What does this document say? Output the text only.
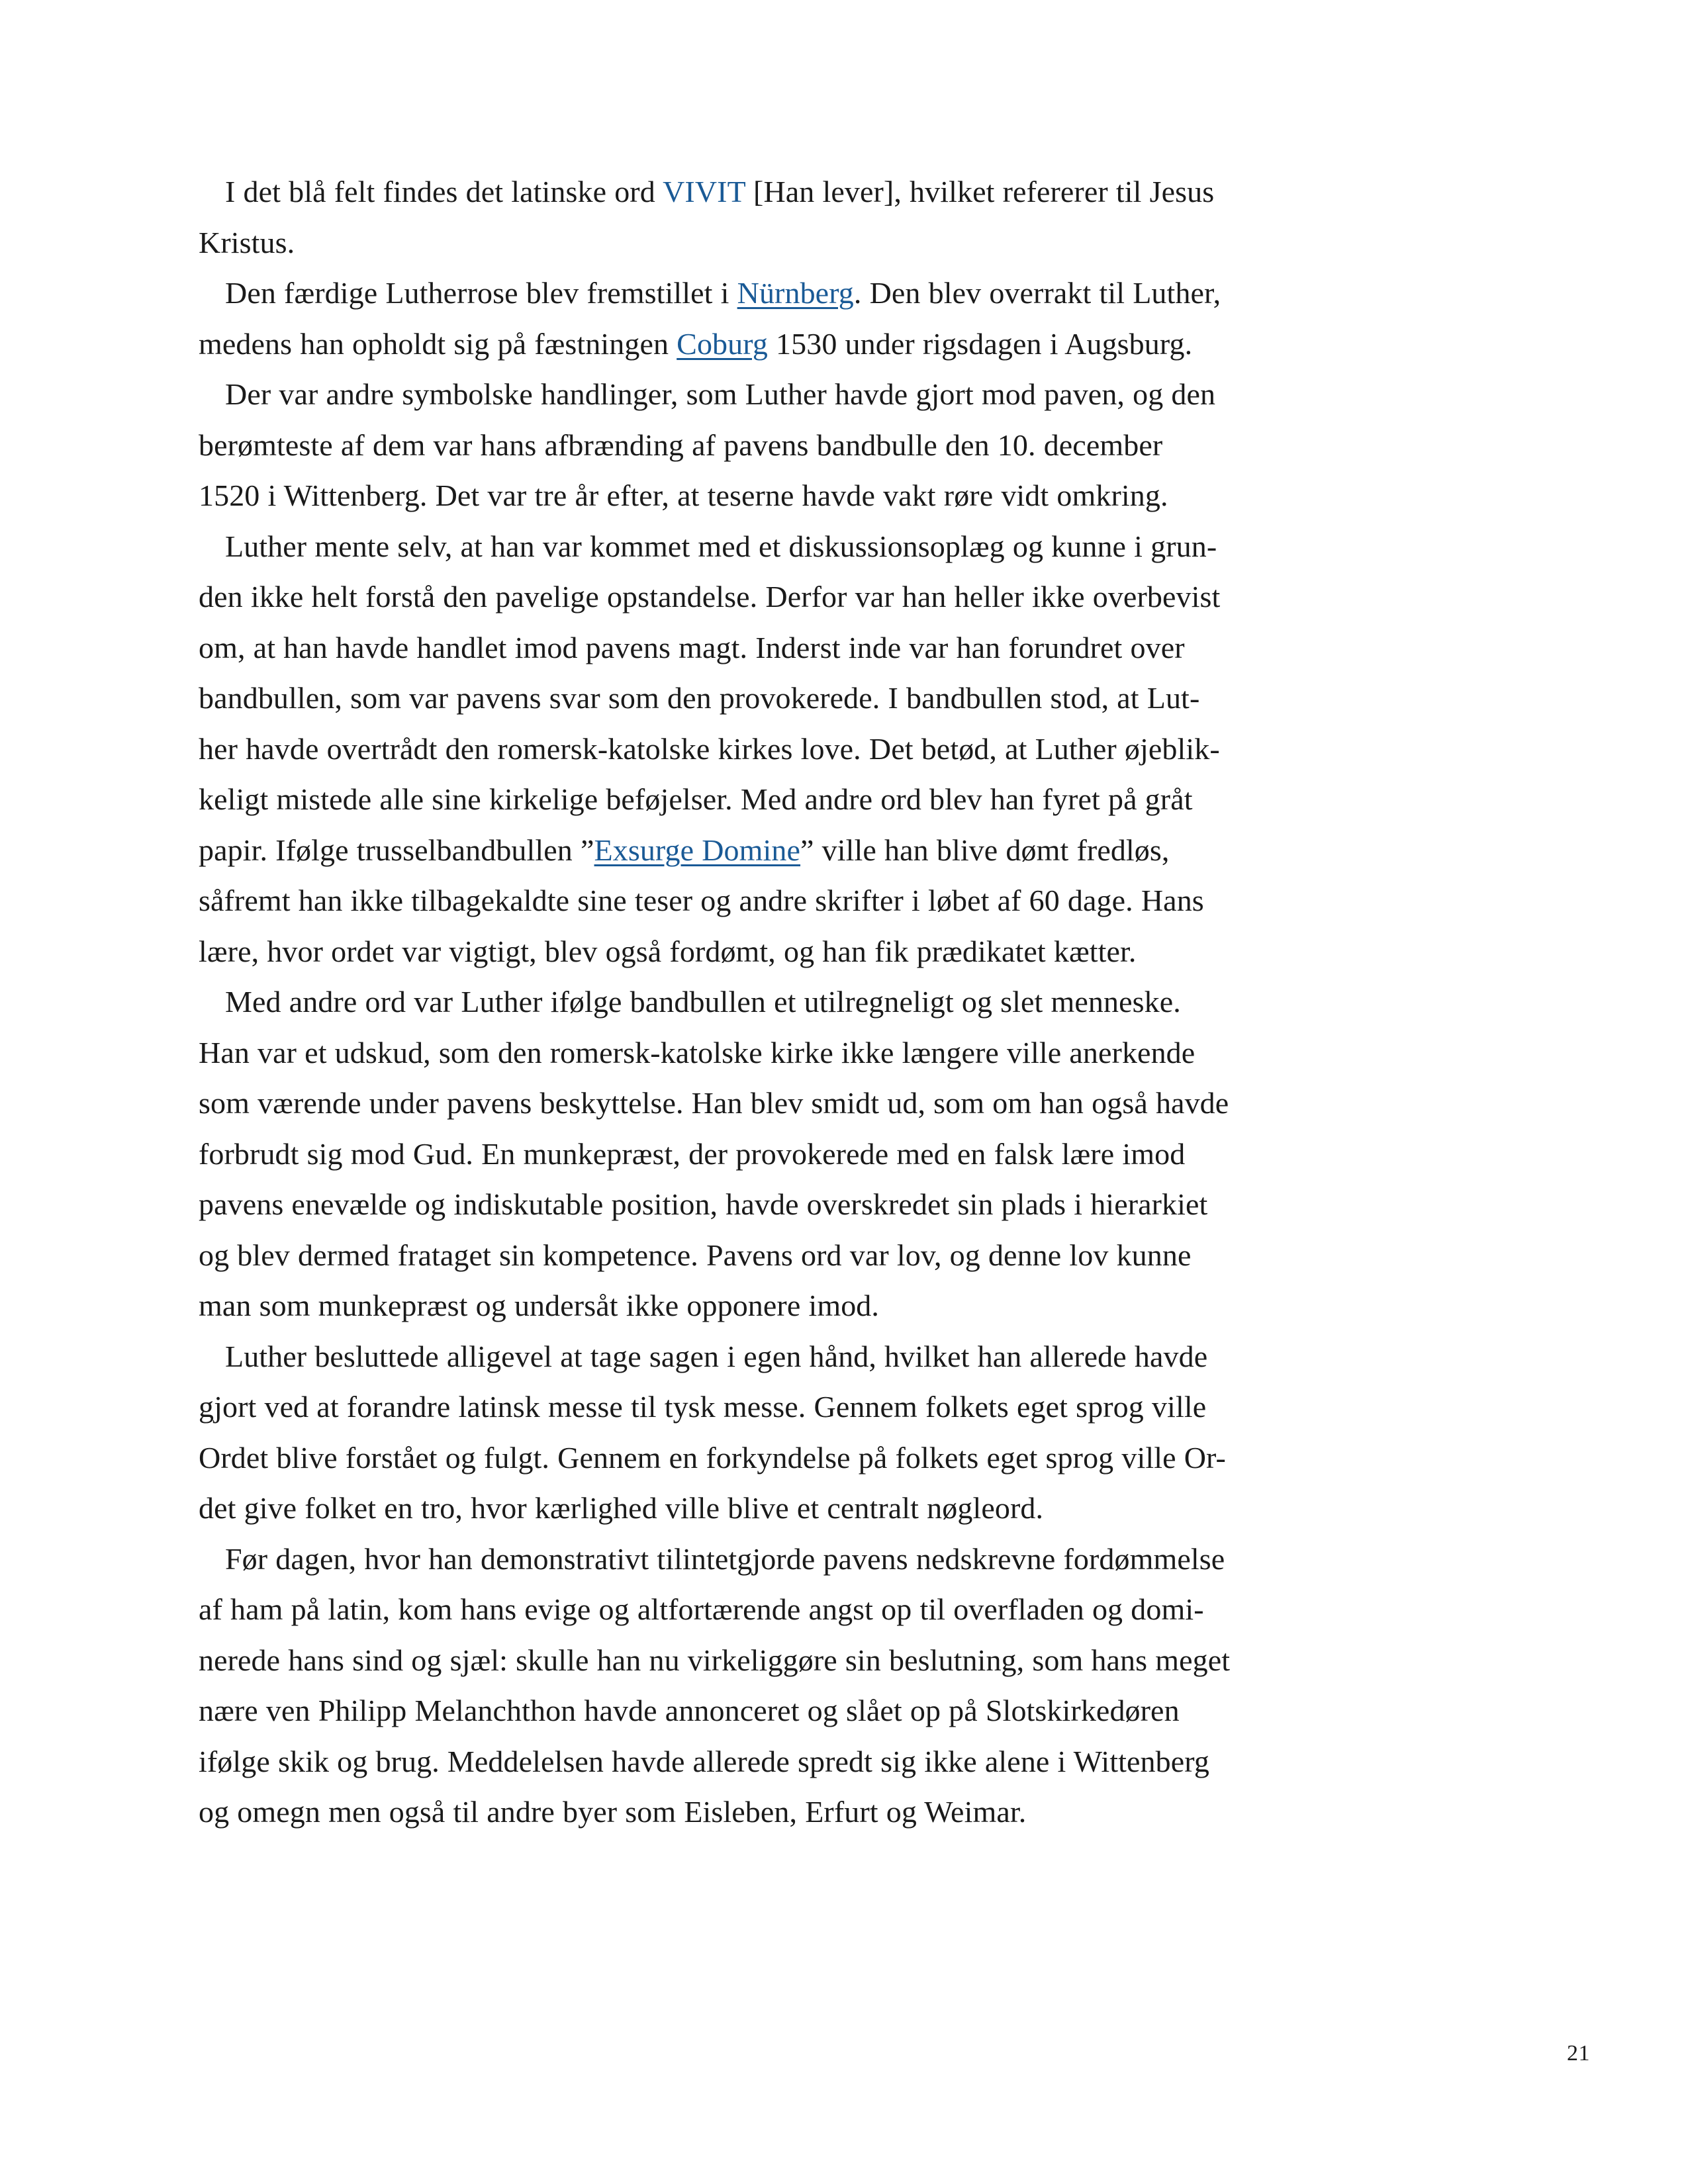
I det blå felt findes det latinske ord VIVIT [Han lever], hvilket refererer til Jesus
Kristus.

Den færdige Lutherrose blev fremstillet i Nürnberg. Den blev overrakt til Luther,
medens han opholdt sig på fæstningen Coburg 1530 under rigsdagen i Augsburg.

Der var andre symbolske handlinger, som Luther havde gjort mod paven, og den
berømteste af dem var hans afbrænding af pavens bandbulle den 10. december
1520 i Wittenberg. Det var tre år efter, at teserne havde vakt røre vidt omkring.

Luther mente selv, at han var kommet med et diskussionsoplæg og kunne i grun-
den ikke helt forstå den pavelige opstandelse. Derfor var han heller ikke overbevist
om, at han havde handlet imod pavens magt. Inderst inde var han forundret over
bandbullen, som var pavens svar som den provokerede. I bandbullen stod, at Lut-
her havde overtrådt den romersk-katolske kirkes love. Det betød, at Luther øjeblik-
keligt mistede alle sine kirkelige beføjelser. Med andre ord blev han fyret på gråt
papir. Ifølge trusselbandbullen ”Exsurge Domine” ville han blive dømt fredløs,
såfremt han ikke tilbagekaldte sine teser og andre skrifter i løbet af 60 dage. Hans
lære, hvor ordet var vigtigt, blev også fordømt, og han fik prædikatet kætter.

Med andre ord var Luther ifølge bandbullen et utilregneligt og slet menneske.
Han var et udskud, som den romersk-katolske kirke ikke længere ville anerkende
som værende under pavens beskyttelse. Han blev smidt ud, som om han også havde
forbrudt sig mod Gud. En munkepræst, der provokerede med en falsk lære imod
pavens enevælde og indiskutable position, havde overskredet sin plads i hierarkiet
og blev dermed frataget sin kompetence. Pavens ord var lov, og denne lov kunne
man som munkepræst og undersåt ikke opponere imod.

Luther besluttede alligevel at tage sagen i egen hånd, hvilket han allerede havde
gjort ved at forandre latinsk messe til tysk messe. Gennem folkets eget sprog ville
Ordet blive forstået og fulgt. Gennem en forkyndelse på folkets eget sprog ville Or-
det give folket en tro, hvor kærlighed ville blive et centralt nøgleord.

Før dagen, hvor han demonstrativt tilintetgjorde pavens nedskrevne fordømmelse
af ham på latin, kom hans evige og altfortærende angst op til overfladen og domi-
nerede hans sind og sjæl: skulle han nu virkeliggøre sin beslutning, som hans meget
nære ven Philipp Melanchthon havde annonceret og slået op på Slotskirkedøren
ifølge skik og brug. Meddelelsen havde allerede spredt sig ikke alene i Wittenberg
og omegn men også til andre byer som Eisleben, Erfurt og Weimar.

21
